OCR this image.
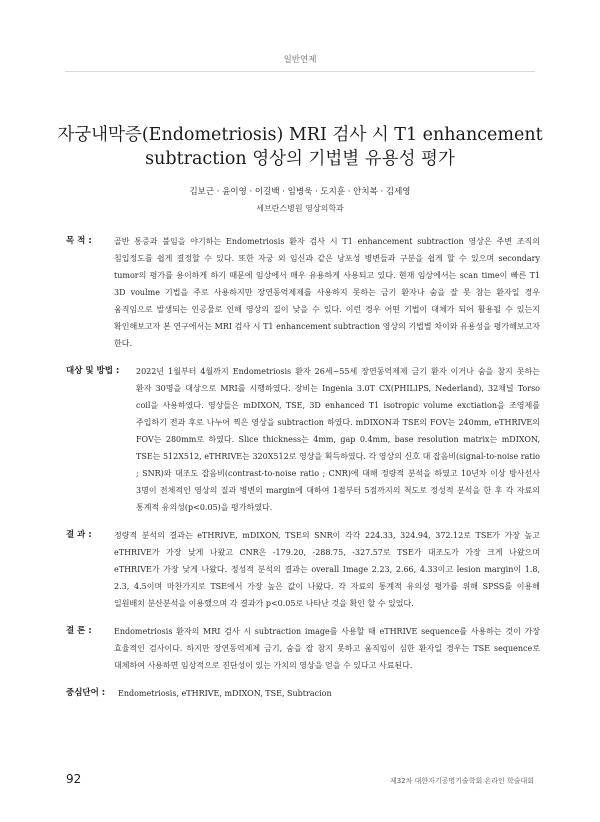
일반연제
자궁내막증(Endometriosis) MRI 검사 시 T1 enhancement
subtraction 영상의 기법별 유용성 평가
김보근 · 윤이영 · 이길백 · 임병욱 · 도지훈 · 안치복 · 김세영
세브란스병원 영상의학과
목 적 :	골반 통증과 불임을 야기하는 Endometriosis 환자 검사 시 T1 enhancement subtraction 영상은 주변 조직의 침입정도를 쉽게 결정할 수 있다. 또한 자궁 외 임신과 같은 낭포성 병변들과 구분을 쉽게 할 수 있으며 secondary tumor의 평가를 용이하게 하기 때문에 임상에서 매우 유용하게 사용되고 있다. 현재 임상에서는 scan time이 빠른 T1 3D voulme 기법을 주로 사용하지만 장연동억제제를 사용하지 못하는 금기 환자나 숨을 잘 못 참는 환자일 경우 움직임으로 발생되는 인공물로 인해 영상의 질이 낮을 수 있다. 이런 경우 어떤 기법이 대체가 되어 활용될 수 있는지 확인해보고자 본 연구에서는 MRI 검사 시 T1 enhancement subtraction 영상의 기법별 차이와 유용성을 평가해보고자 한다.
대상 및 방법 :	2022년 1월부터 4월까지 Endometriosis 환자 26세~55세 장연동억제제 금기 환자 이거나 숨을 참지 못하는 환자 30명을 대상으로 MRI를 시행하였다. 장비는 Ingenia 3.0T CX(PHILIPS, Nederland), 32채널 Torso coil을 사용하였다. 영상들은 mDIXON, TSE, 3D enhanced T1 isotropic volume exctiation을 조영제를 주입하기 전과 후로 나누어 찍은 영상을 subtraction 하였다. mDIXON과 TSE의 FOV는 240mm, eTHRIVE의 FOV는 280mm로 하였다. Slice thickness는 4mm, gap 0.4mm, base resolution matrix는 mDIXON, TSE는 512X512, eTHRIVE는 320X512로 영상을 획득하였다. 각 영상의 신호 대 잡음비(signal-to-noise ratio ; SNR)와 대조도 잡음비(contrast-to-noise ratio ; CNR)에 대해 정량적 분석을 하였고 10년차 이상 방사선사 3명이 전체적인 영상의 질과 병변의 margin에 대하여 1점부터 5점까지의 척도로 정성적 분석을 한 후 각 자료의 통계적 유의성(p<0.05)을 평가하였다.
결 과 :	정량적 분석의 결과는 eTHRIVE, mDIXON, TSE의 SNR이 각각 224.33, 324.94, 372.12로 TSE가 가장 높고 eTHRIVE가 가장 낮게 나왔고 CNR은 -179.20, -288.75, -327.57로 TSE가 대조도가 가장 크게 나왔으며 eTHRIVE가 가장 낮게 나왔다. 정성적 분석의 결과는 overall Image 2.23, 2.66, 4.33이고 lesion margin이 1.8, 2.3, 4.5이며 마찬가지로 TSE에서 가장 높은 값이 나왔다. 각 자료의 통계적 유의성 평가를 위해 SPSS를 이용해 일원배치 분산분석을 이용했으며 각 결과가 p<0.05로 나타난 것을 확인 할 수 있었다.
결 론 :	Endometriosis 환자의 MRI 검사 시 subtraction image를 사용할 때 eTHRIVE sequence를 사용하는 것이 가장 효율적인 검사이다. 하지만 장연동억제제 금기, 숨을 잘 참지 못하고 움직임이 심한 환자일 경우는 TSE sequence로 대체하여 사용하면 임상적으로 진단성이 있는 가치의 영상을 얻을 수 있다고 사료된다.
중심단어 :	Endometriosis, eTHRIVE, mDIXON, TSE, Subtracion
92	제32차 대한자기공명기술학회 온라인 학술대회
